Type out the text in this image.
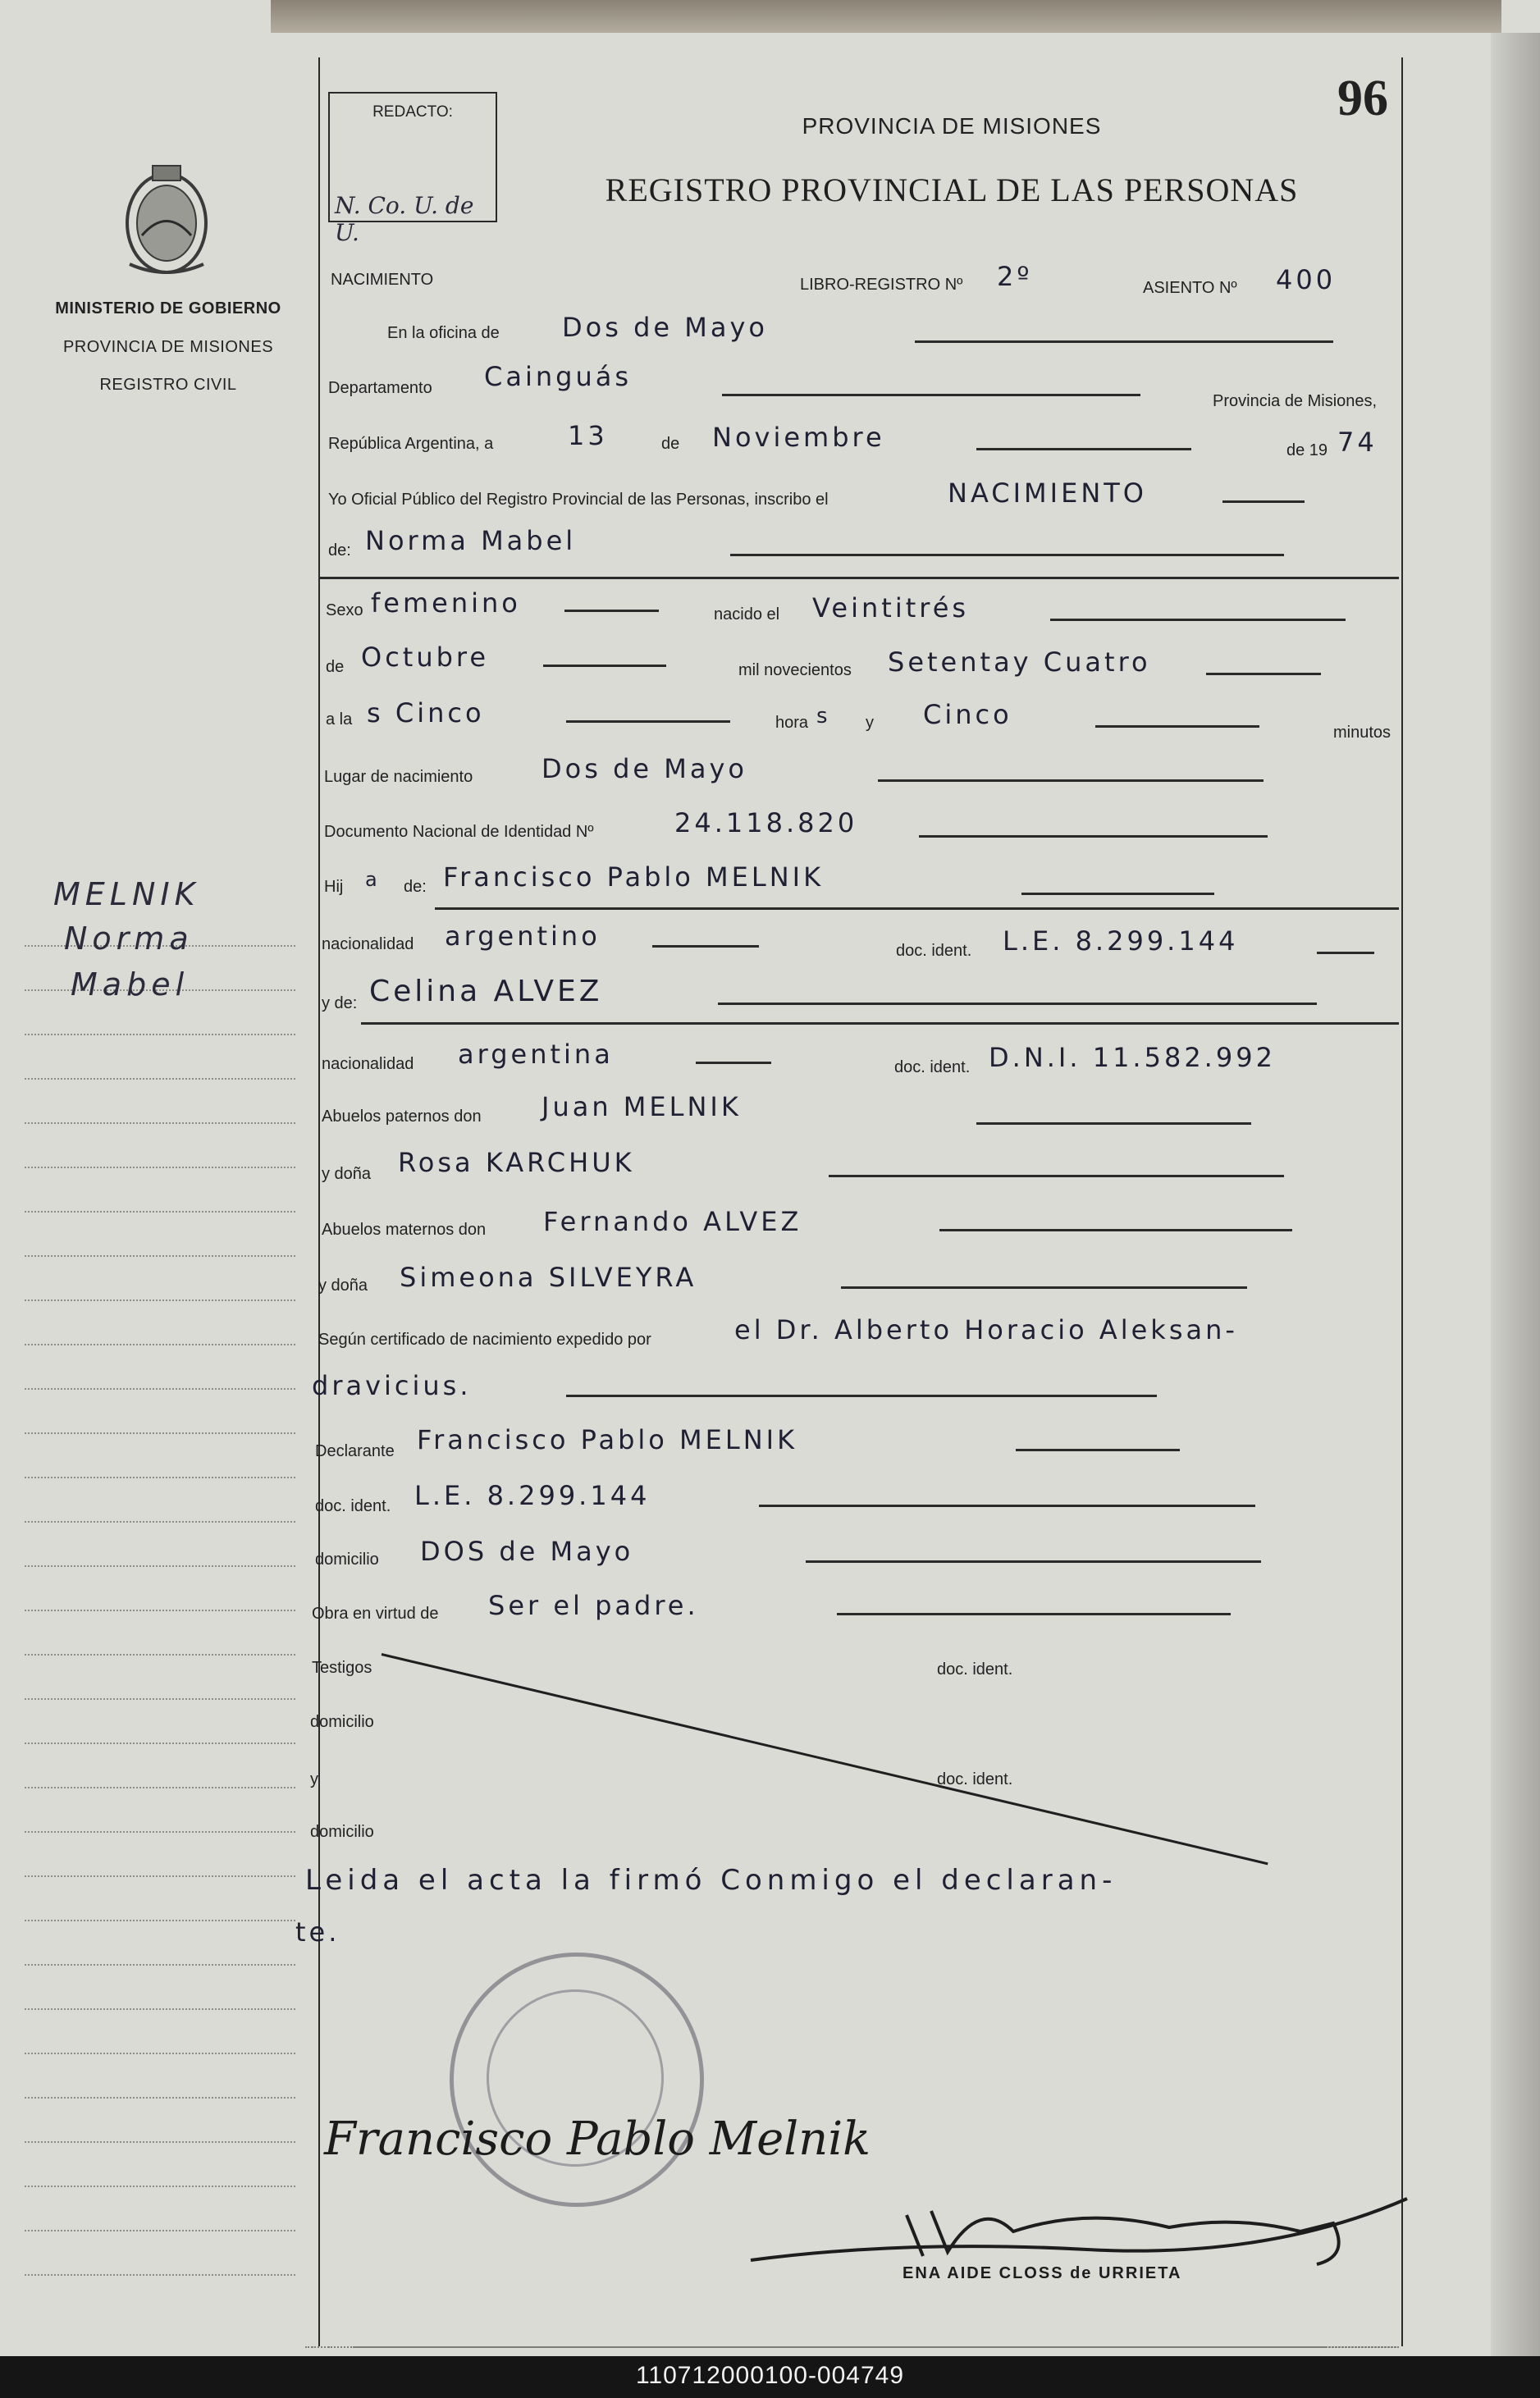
MINISTERIO DE GOBIERNO
PROVINCIA DE MISIONES
REGISTRO CIVIL
MELNIK
Norma
Mabel
REDACTO:
N. Co. U. de U.
96
PROVINCIA DE MISIONES
REGISTRO PROVINCIAL DE LAS PERSONAS
NACIMIENTO	LIBRO-REGISTRO Nº 2º	ASIENTO Nº 400
En la oficina de Dos de Mayo
Departamento Cainguás
Provincia de Misiones,
República Argentina, a	13	de Noviembre	de 19 74
Yo Oficial Público del Registro Provincial de las Personas, inscribo el	NACIMIENTO
de: Norma Mabel
Sexo femenino	nacido el Veintitrés
de Octubre	mil novecientos Setentay Cuatro
a la s Cinco	hora s y Cinco
minutos
Lugar de nacimiento	Dos de Mayo
Documento Nacional de Identidad Nº	24.118.820
Hij a de: Francisco Pablo MELNIK
nacionalidad argentino	doc. ident. L.E. 8.299.144
y de: Celina ALVEZ
nacionalidad argentina	doc. ident. D.N.I. 11.582.992
Abuelos paternos don Juan MELNIK
y doña Rosa KARCHUK
Abuelos maternos don Fernando ALVEZ
y doña Simeona SILVEYRA
Según certificado de nacimiento expedido por	el Dr. Alberto Horacio Aleksan-
dravicius.
Declarante Francisco Pablo MELNIK
doc. ident. L.E. 8.299.144
domicilio DOS de Mayo
Obra en virtud de Ser el padre.
Testigos	doc. ident.
domicilio
y	doc. ident.
domicilio
Leida el acta la firmó Conmigo el declaran-
te.
Francisco Pablo Melnik
ENA AIDE CLOSS de URRIETA
110712000100-004749
